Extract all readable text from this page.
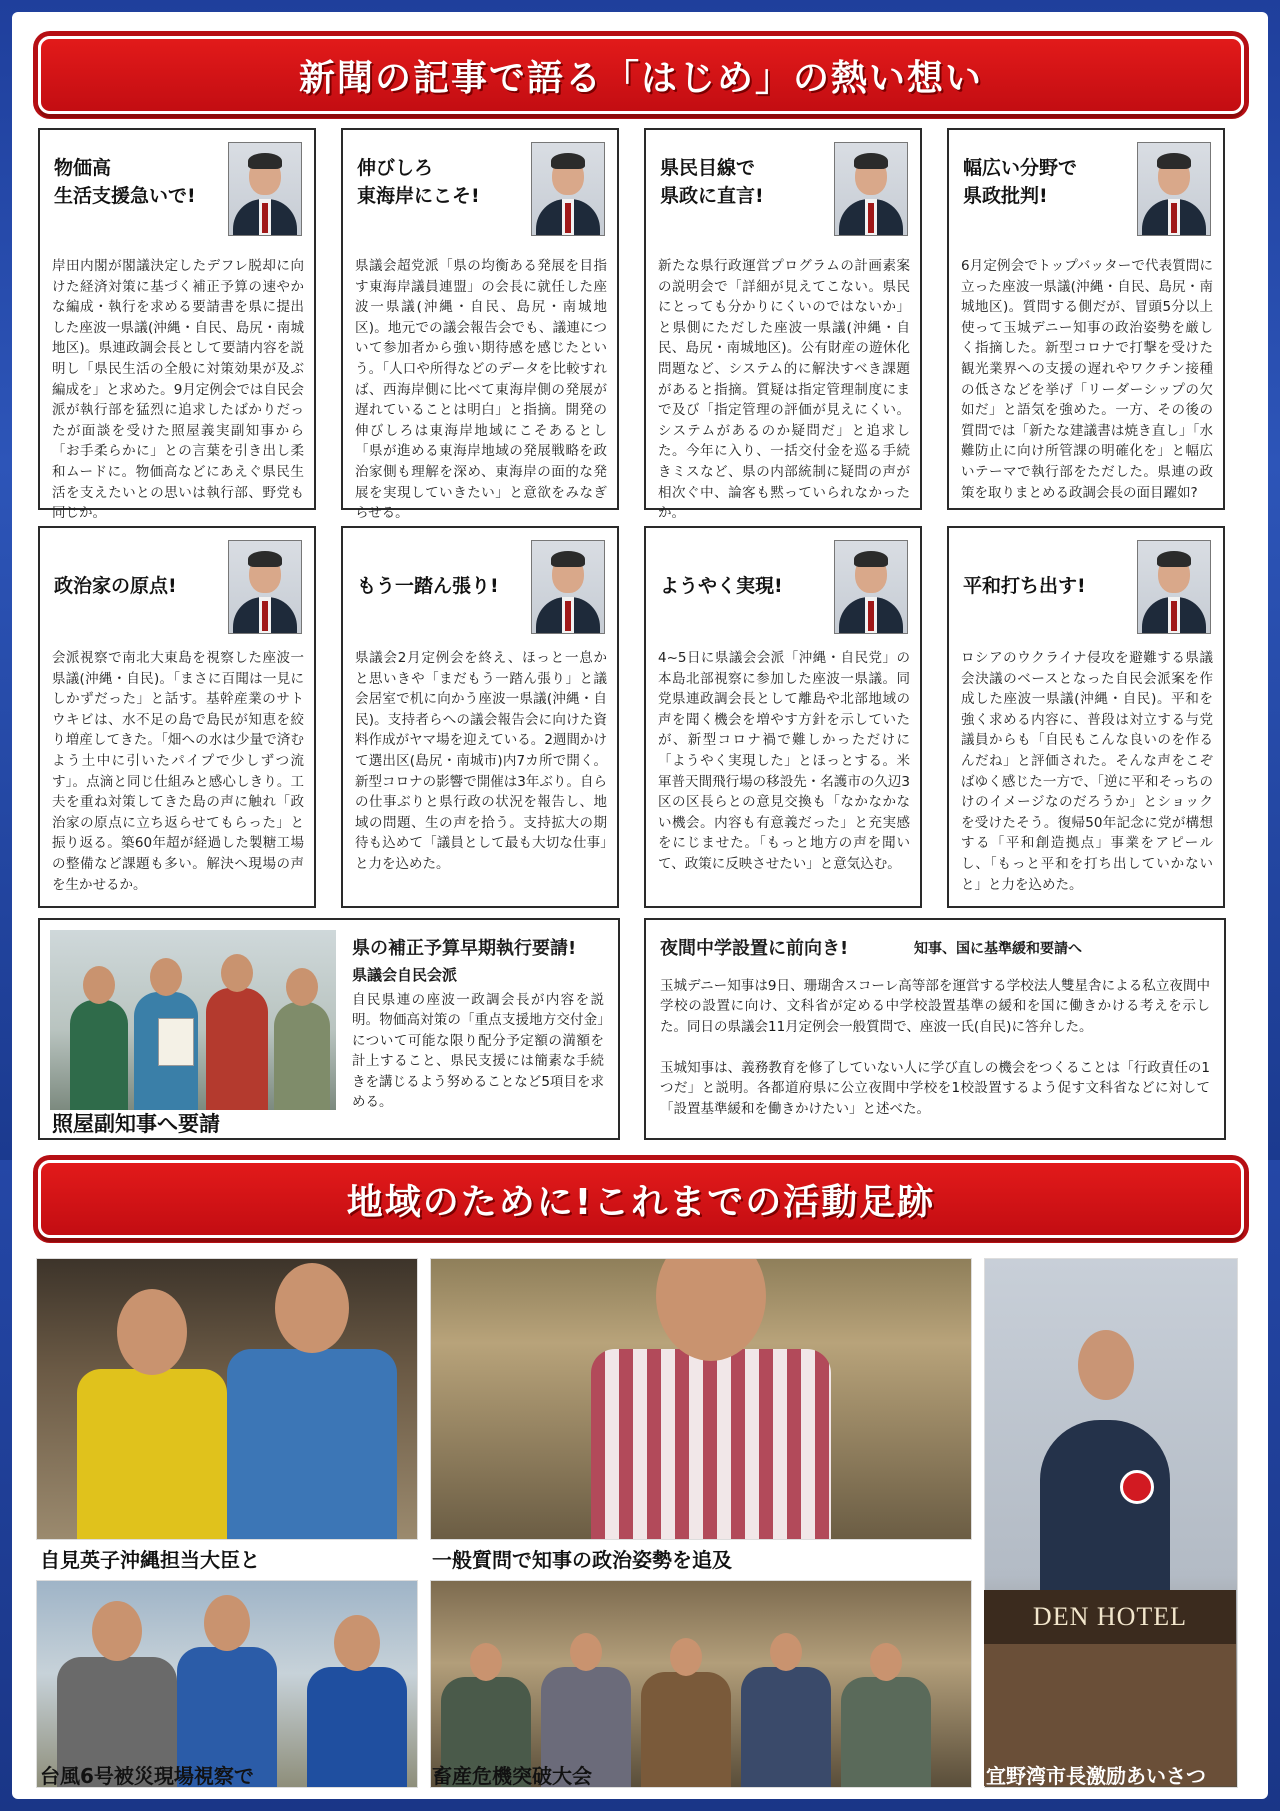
新聞の記事で語る「はじめ」の熱い想い
物価高
生活支援急いで!

岸田内閣が閣議決定したデフレ脱却に向けた経済対策に基づく補正予算の速やかな編成・執行を求める要請書を県に提出した座波一県議(沖縄・自民、島尻・南城地区)。県連政調会長として要請内容を説明し「県民生活の全般に対策効果が及ぶ編成を」と求めた。9月定例会では自民会派が執行部を猛烈に追求したばかりだったが面談を受けた照屋義実副知事から「お手柔らかに」との言葉を引き出し柔和ムードに。物価高などにあえぐ県民生活を支えたいとの思いは執行部、野党も同じか。

伸びしろ
東海岸にこそ!

県議会超党派「県の均衡ある発展を目指す東海岸議員連盟」の会長に就任した座波一県議(沖縄・自民、島尻・南城地区)。地元での議会報告会でも、議連について参加者から強い期待感を感じたという。「人口や所得などのデータを比較すれば、西海岸側に比べて東海岸側の発展が遅れていることは明白」と指摘。開発の伸びしろは東海岸地域にこそあるとし「県が進める東海岸地域の発展戦略を政治家側も理解を深め、東海岸の面的な発展を実現していきたい」と意欲をみなぎらせる。

県民目線で
県政に直言!

新たな県行政運営プログラムの計画素案の説明会で「詳細が見えてこない。県民にとっても分かりにくいのではないか」と県側にただした座波一県議(沖縄・自民、島尻・南城地区)。公有財産の遊休化問題など、システム的に解決すべき課題があると指摘。質疑は指定管理制度にまで及び「指定管理の評価が見えにくい。システムがあるのか疑問だ」と追求した。今年に入り、一括交付金を巡る手続きミスなど、県の内部統制に疑問の声が相次ぐ中、論客も黙っていられなかったか。

幅広い分野で
県政批判!

6月定例会でトップバッターで代表質問に立った座波一県議(沖縄・自民、島尻・南城地区)。質問する側だが、冒頭5分以上使って玉城デニー知事の政治姿勢を厳しく指摘した。新型コロナで打撃を受けた観光業界への支援の遅れやワクチン接種の低さなどを挙げ「リーダーシップの欠如だ」と語気を強めた。一方、その後の質問では「新たな建議書は焼き直し」「水難防止に向け所管課の明確化を」と幅広いテーマで執行部をただした。県連の政策を取りまとめる政調会長の面目躍如?

政治家の原点!

会派視察で南北大東島を視察した座波一県議(沖縄・自民)。「まさに百聞は一見にしかずだった」と話す。基幹産業のサトウキビは、水不足の島で島民が知恵を絞り増産してきた。「畑への水は少量で済むよう土中に引いたパイプで少しずつ流す」。点滴と同じ仕組みと感心しきり。工夫を重ね対策してきた島の声に触れ「政治家の原点に立ち返らせてもらった」と振り返る。築60年超が経過した製糖工場の整備など課題も多い。解決へ現場の声を生かせるか。

もう一踏ん張り!

県議会2月定例会を終え、ほっと一息かと思いきや「まだもう一踏ん張り」と議会居室で机に向かう座波一県議(沖縄・自民)。支持者らへの議会報告会に向けた資料作成がヤマ場を迎えている。2週間かけて選出区(島尻・南城市)内7カ所で開く。新型コロナの影響で開催は3年ぶり。自らの仕事ぶりと県行政の状況を報告し、地域の問題、生の声を拾う。支持拡大の期待も込めて「議員として最も大切な仕事」と力を込めた。

ようやく実現!

4~5日に県議会会派「沖縄・自民党」の本島北部視察に参加した座波一県議。同党県連政調会長として離島や北部地域の声を聞く機会を増やす方針を示していたが、新型コロナ禍で難しかっただけに「ようやく実現した」とほっとする。米軍普天間飛行場の移設先・名護市の久辺3区の区長らとの意見交換も「なかなかない機会。内容も有意義だった」と充実感をにじませた。「もっと地方の声を聞いて、政策に反映させたい」と意気込む。

平和打ち出す!

ロシアのウクライナ侵攻を避難する県議会決議のベースとなった自民会派案を作成した座波一県議(沖縄・自民)。平和を強く求める内容に、普段は対立する与党議員からも「自民もこんな良いのを作るんだね」と評価された。そんな声をこぞばゆく感じた一方で、「逆に平和そっちのけのイメージなのだろうか」とショックを受けたそう。復帰50年記念に党が構想する「平和創造拠点」事業をアピールし、「もっと平和を打ち出していかないと」と力を込めた。

照屋副知事へ要請
県の補正予算早期執行要請!
県議会自民会派

自民県連の座波一政調会長が内容を説明。物価高対策の「重点支援地方交付金」について可能な限り配分予定額の満額を計上すること、県民支援には簡素な手続きを講じるよう努めることなど5項目を求める。

夜間中学設置に前向き!	知事、国に基準緩和要請へ

玉城デニー知事は9日、珊瑚舎スコーレ高等部を運営する学校法人雙星舎による私立夜間中学校の設置に向け、文科省が定める中学校設置基準の緩和を国に働きかける考えを示した。同日の県議会11月定例会一般質問で、座波一氏(自民)に答弁した。

玉城知事は、義務教育を修了していない人に学び直しの機会をつくることは「行政責任の1つだ」と説明。各都道府県に公立夜間中学校を1校設置するよう促す文科省などに対して「設置基準緩和を働きかけたい」と述べた。

地域のために!これまでの活動足跡
自見英子沖縄担当大臣と	一般質問で知事の政治姿勢を追及
DEN HOTEL
宜野湾市長激励あいさつ
台風6号被災現場視察で	畜産危機突破大会
